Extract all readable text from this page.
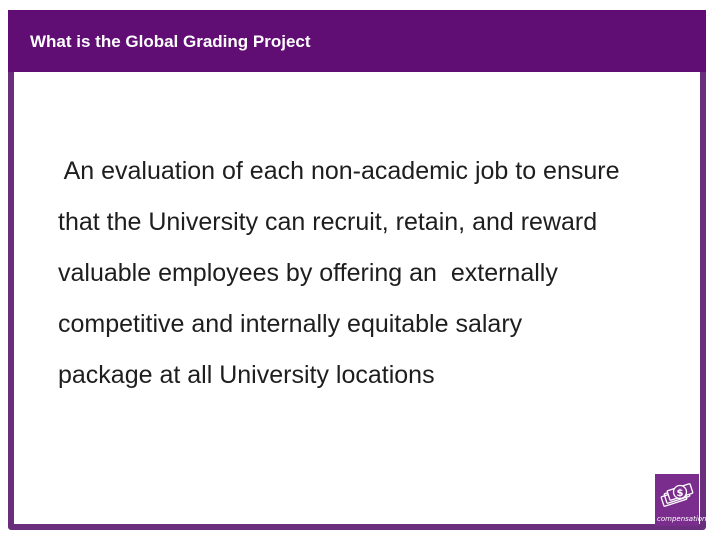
What is the Global Grading Project

An evaluation of each non-academic job to ensure
that the University can recruit, retain, and reward
valuable employees by offering an  externally
competitive and internally equitable salary
package at all University locations

$
compensation
